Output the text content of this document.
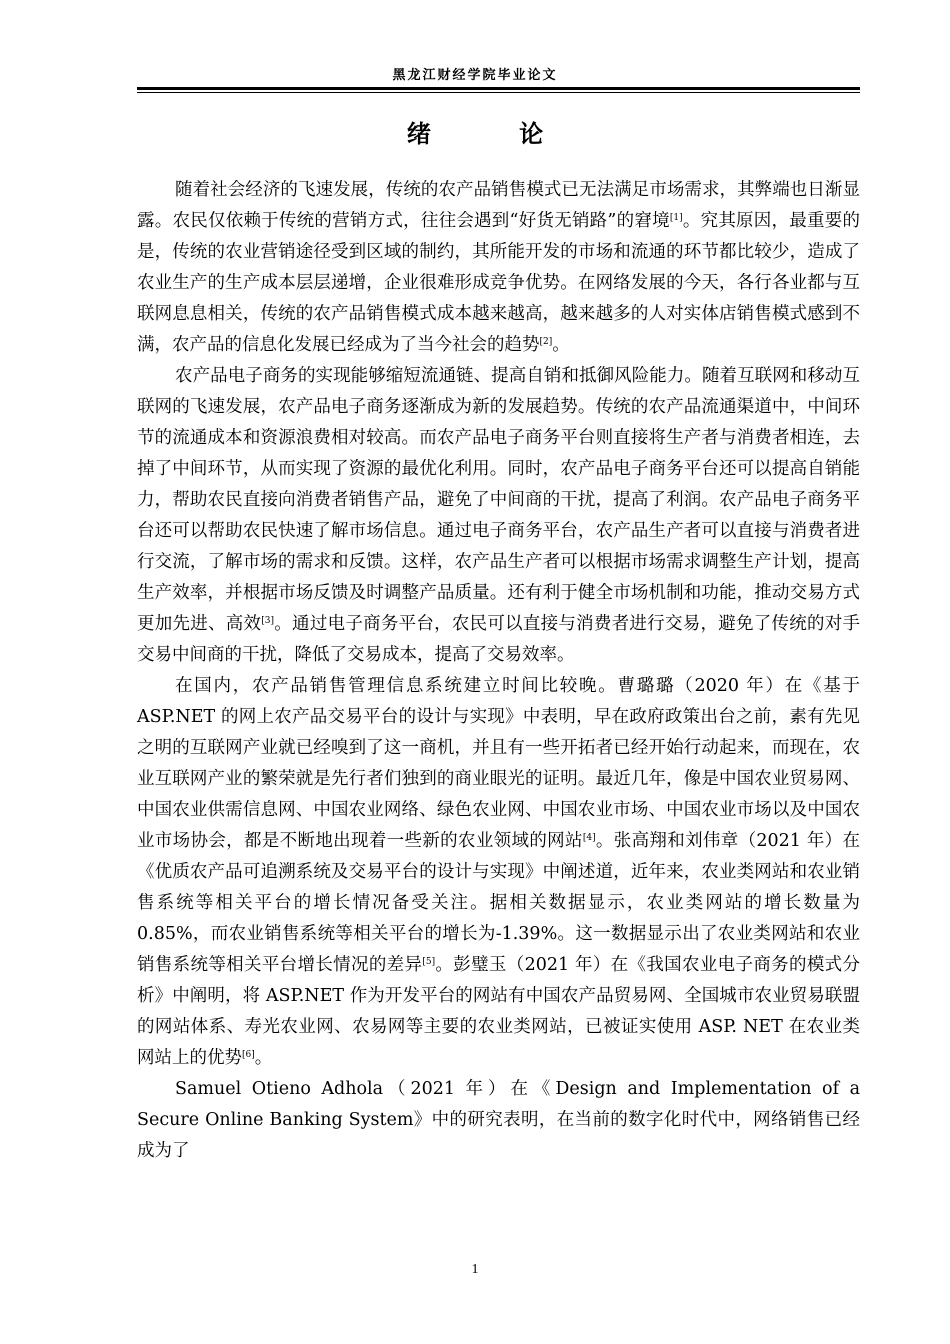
黑龙江财经学院毕业论文
绪 论

随着社会经济的飞速发展，传统的农产品销售模式已无法满足市场需求，其弊端也日渐显露。农民仅依赖于传统的营销方式，往往会遇到“好货无销路”的窘境[1]。究其原因，最重要的是，传统的农业营销途径受到区域的制约，其所能开发的市场和流通的环节都比较少，造成了农业生产的生产成本层层递增，企业很难形成竞争优势。在网络发展的今天，各行各业都与互联网息息相关，传统的农产品销售模式成本越来越高，越来越多的人对实体店销售模式感到不满，农产品的信息化发展已经成为了当今社会的趋势[2]。

农产品电子商务的实现能够缩短流通链、提高自销和抵御风险能力。随着互联网和移动互联网的飞速发展，农产品电子商务逐渐成为新的发展趋势。传统的农产品流通渠道中，中间环节的流通成本和资源浪费相对较高。而农产品电子商务平台则直接将生产者与消费者相连，去掉了中间环节，从而实现了资源的最优化利用。同时，农产品电子商务平台还可以提高自销能力，帮助农民直接向消费者销售产品，避免了中间商的干扰，提高了利润。农产品电子商务平台还可以帮助农民快速了解市场信息。通过电子商务平台，农产品生产者可以直接与消费者进行交流，了解市场的需求和反馈。这样，农产品生产者可以根据市场需求调整生产计划，提高生产效率，并根据市场反馈及时调整产品质量。还有利于健全市场机制和功能，推动交易方式更加先进、高效[3]。通过电子商务平台，农民可以直接与消费者进行交易，避免了传统的对手交易中间商的干扰，降低了交易成本，提高了交易效率。

在国内，农产品销售管理信息系统建立时间比较晚。曹璐璐（2020 年）在《基于 ASP.NET 的网上农产品交易平台的设计与实现》中表明，早在政府政策出台之前，素有先见之明的互联网产业就已经嗅到了这一商机，并且有一些开拓者已经开始行动起来，而现在，农业互联网产业的繁荣就是先行者们独到的商业眼光的证明。最近几年，像是中国农业贸易网、中国农业供需信息网、中国农业网络、绿色农业网、中国农业市场、中国农业市场以及中国农业市场协会，都是不断地出现着一些新的农业领域的网站[4]。张高翔和刘伟章（2021 年）在《优质农产品可追溯系统及交易平台的设计与实现》中阐述道，近年来，农业类网站和农业销售系统等相关平台的增长情况备受关注。据相关数据显示，农业类网站的增长数量为 0.85%，而农业销售系统等相关平台的增长为-1.39%。这一数据显示出了农业类网站和农业销售系统等相关平台增长情况的差异[5]。彭璧玉（2021 年）在《我国农业电子商务的模式分析》中阐明，将 ASP.NET 作为开发平台的网站有中国农产品贸易网、全国城市农业贸易联盟的网站体系、寿光农业网、农易网等主要的农业类网站，已被证实使用 ASP. NET 在农业类网站上的优势[6]。

Samuel Otieno Adhola（2021 年）在《Design and Implementation of a Secure Online Banking System》中的研究表明，在当前的数字化时代中，网络销售已经成为了

1
